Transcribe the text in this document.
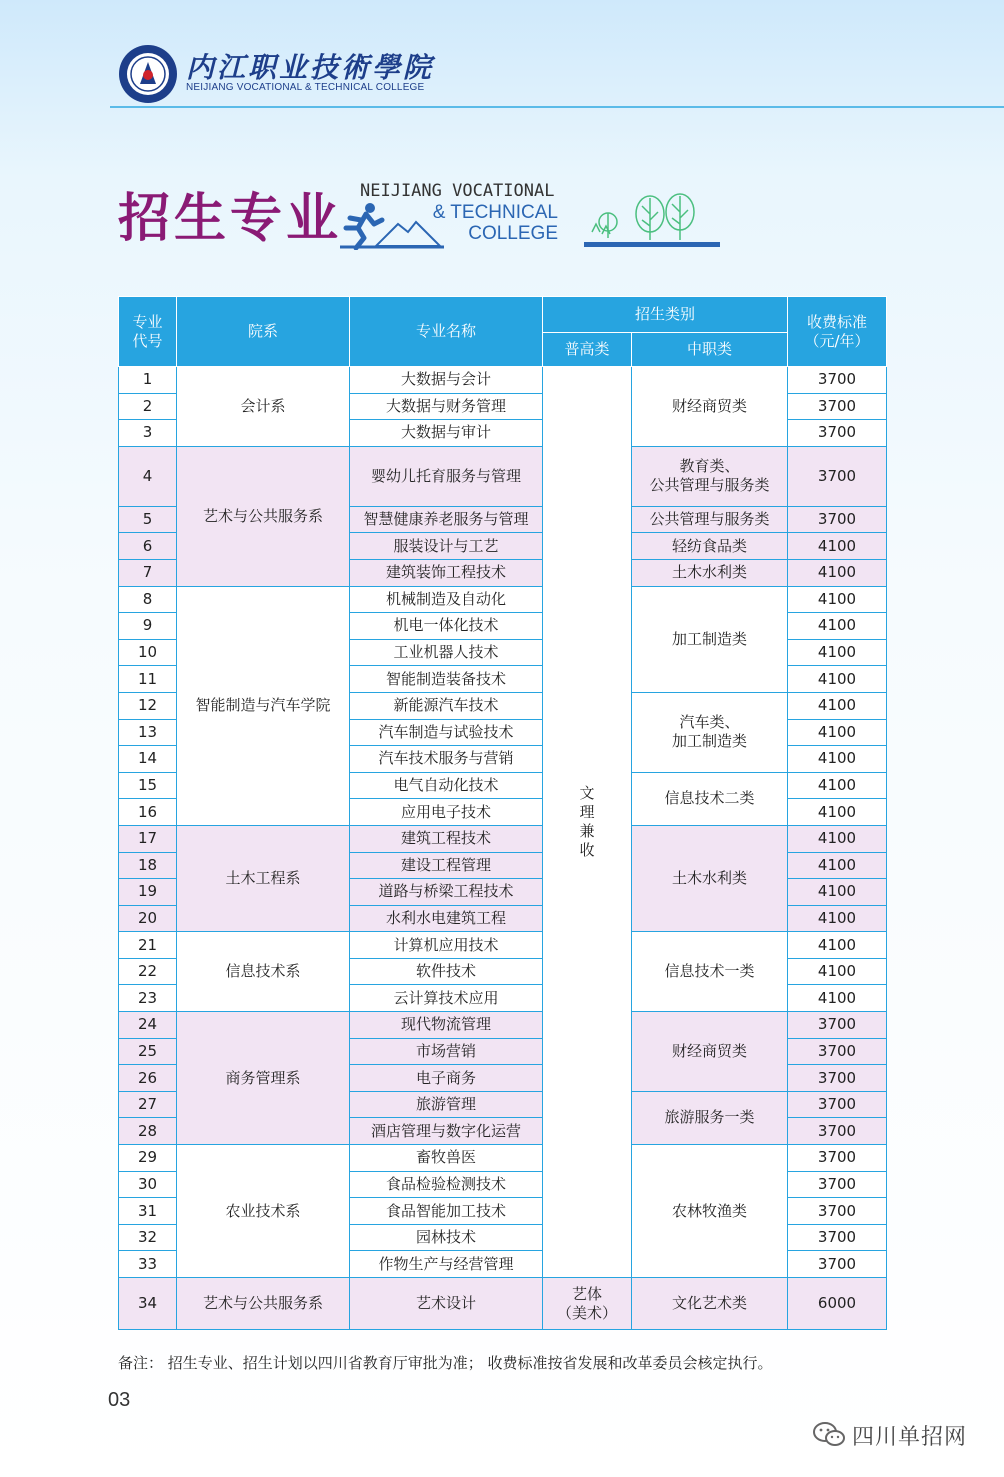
内江职业技術學院
NEIJIANG VOCATIONAL & TECHNICAL COLLEGE
招生专业 NEIJIANG VOCATIONAL
& TECHNICAL
COLLEGE
专业
代号	院系	专业名称	招生类别		收费标准
（元/年）

			普高类	中职类	
1	会计系	大数据与会计	文
理
兼
收	财经商贸类	3700
2		大数据与财务管理			3700
3		大数据与审计			3700
4	艺术与公共服务系	婴幼儿托育服务与管理		教育类、
公共管理与服务类	3700
5		智慧健康养老服务与管理		公共管理与服务类	3700
6		服装设计与工艺		轻纺食品类	4100
7		建筑装饰工程技术		土木水利类	4100
8	智能制造与汽车学院	机械制造及自动化		加工制造类	4100
9		机电一体化技术			4100
10		工业机器人技术			4100
11		智能制造装备技术			4100
12		新能源汽车技术		汽车类、
加工制造类	4100
13		汽车制造与试验技术			4100
14		汽车技术服务与营销			4100
15		电气自动化技术		信息技术二类	4100
16		应用电子技术			4100
17	土木工程系	建筑工程技术		土木水利类	4100
18		建设工程管理			4100
19		道路与桥梁工程技术			4100
20		水利水电建筑工程			4100
21	信息技术系	计算机应用技术		信息技术一类	4100
22		软件技术			4100
23		云计算技术应用			4100
24	商务管理系	现代物流管理		财经商贸类	3700
25		市场营销			3700
26		电子商务			3700
27		旅游管理		旅游服务一类	3700
28		酒店管理与数字化运营			3700
29	农业技术系	畜牧兽医		农林牧渔类	3700
30		食品检验检测技术			3700
31		食品智能加工技术			3700
32		园林技术			3700
33		作物生产与经营管理			3700
34	艺术与公共服务系	艺术设计	艺体
（美术）	文化艺术类	6000
备注： 招生专业、招生计划以四川省教育厅审批为准； 收费标准按省发展和改革委员会核定执行。
03
四川单招网
